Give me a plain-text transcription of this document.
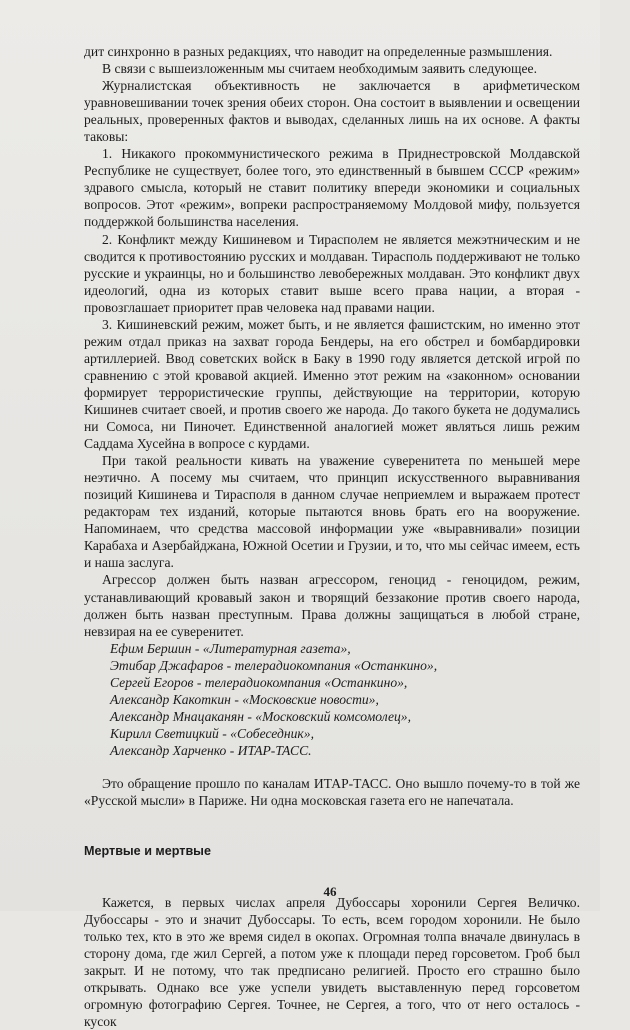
дит синхронно в разных редакциях, что наводит на определенные размышления.

В связи с вышеизложенным мы считаем необходимым заявить следующее.

Журналистская объективность не заключается в арифметическом уравновешивании точек зрения обеих сторон. Она состоит в выявлении и освещении реальных, проверенных фактов и выводах, сделанных лишь на их основе. А факты таковы:

1. Никакого прокоммунистического режима в Приднестровской Молдавской Республике не существует, более того, это единственный в бывшем СССР «режим» здравого смысла, который не ставит политику впереди экономики и социальных вопросов. Этот «режим», вопреки распространяемому Молдовой мифу, пользуется поддержкой большинства населения.

2. Конфликт между Кишиневом и Тирасполем не является межэтническим и не сводится к противостоянию русских и молдаван. Тирасполь поддерживают не только русские и украинцы, но и большинство левобережных молдаван. Это конфликт двух идеологий, одна из которых ставит выше всего права нации, а вторая - провозглашает приоритет прав человека над правами нации.

3. Кишиневский режим, может быть, и не является фашистским, но именно этот режим отдал приказ на захват города Бендеры, на его обстрел и бомбардировки артиллерией. Ввод советских войск в Баку в 1990 году является детской игрой по сравнению с этой кровавой акцией. Именно этот режим на «законном» основании формирует террористические группы, действующие на территории, которую Кишинев считает своей, и против своего же народа. До такого букета не додумались ни Сомоса, ни Пиночет. Единственной аналогией может являться лишь режим Саддама Хусейна в вопросе с курдами.

При такой реальности кивать на уважение суверенитета по меньшей мере неэтично. А посему мы считаем, что принцип искусственного выравнивания позиций Кишинева и Тирасполя в данном случае неприемлем и выражаем протест редакторам тех изданий, которые пытаются вновь брать его на вооружение. Напоминаем, что средства массовой информации уже «выравнивали» позиции Карабаха и Азербайджана, Южной Осетии и Грузии, и то, что мы сейчас имеем, есть и наша заслуга.

Агрессор должен быть назван агрессором, геноцид - геноцидом, режим, устанавливающий кровавый закон и творящий беззаконие против своего народа, должен быть назван преступным. Права должны защищаться в любой стране, невзирая на ее суверенитет.

Ефим Бершин - «Литературная газета»,
Этибар Джафаров - телерадиокомпания «Останкино»,
Сергей Егоров - телерадиокомпания «Останкино»,
Александр Какоткин - «Московские новости»,
Александр Мнацаканян - «Московский комсомолец»,
Кирилл Светицкий - «Собеседник»,
Александр Харченко - ИТАР-ТАСС.

Это обращение прошло по каналам ИТАР-ТАСС. Оно вышло почему-то в той же «Русской мысли» в Париже. Ни одна московская газета его не напечатала.

Мертвые и мертвые

Кажется, в первых числах апреля Дубоссары хоронили Сергея Величко. Дубоссары - это и значит Дубоссары. То есть, всем городом хоронили. Не было только тех, кто в это же время сидел в окопах. Огромная толпа вначале двинулась в сторону дома, где жил Сергей, а потом уже к площади перед горсоветом. Гроб был закрыт. И не потому, что так предписано религией. Просто его страшно было открывать. Однако все уже успели увидеть выставленную перед горсоветом огромную фотографию Сергея. Точнее, не Сергея, а того, что от него осталось - кусок

46
